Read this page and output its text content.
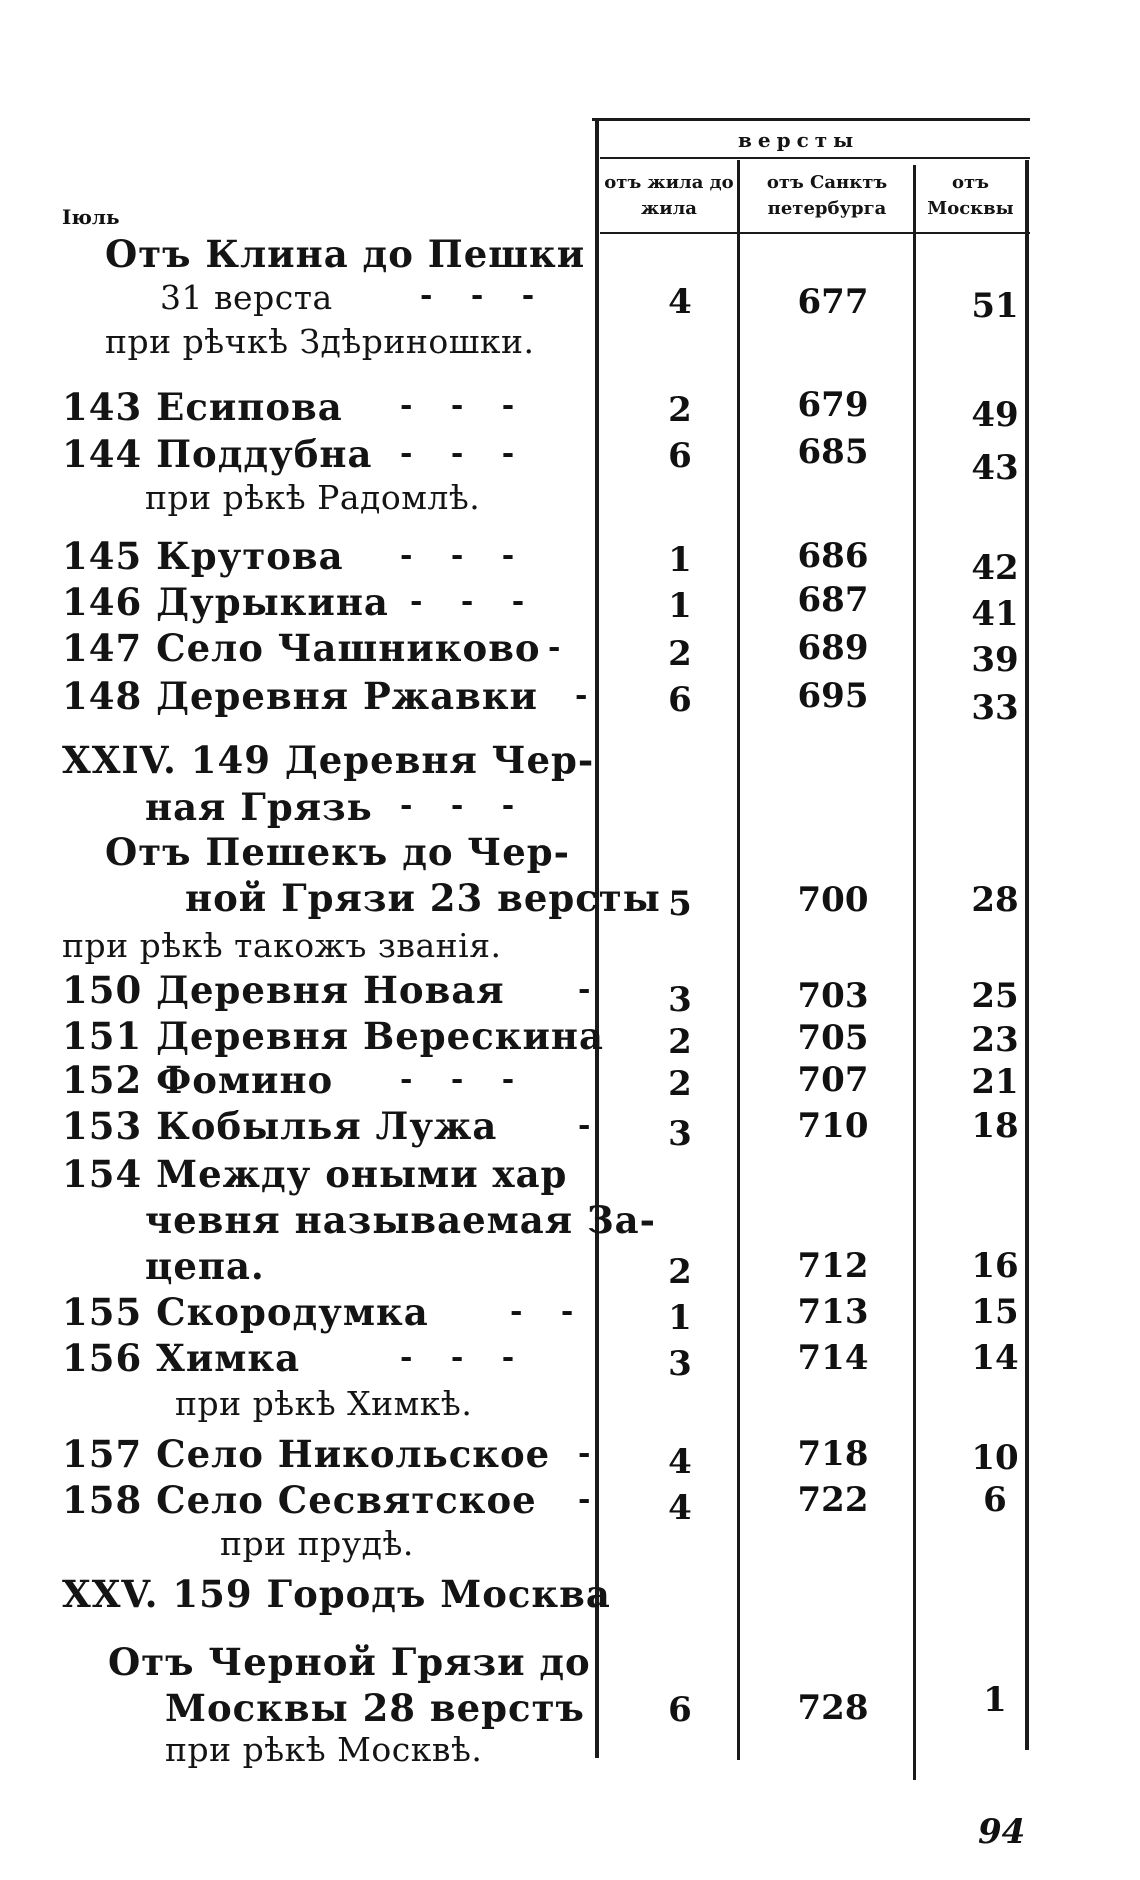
версты
отъ жила до жила
отъ Санктъ петербурга
отъ Москвы
Іюль
Отъ Клина до Пешки
31 верста	- - -	4	677	51
при рѣчкѣ Здѣриношки.
143 Есипова - - -	2	679	49
144 Поддубна - - -	6	685	43
при рѣкѣ Радомлѣ.
145 Крутова - - -	1	686	42
146 Дурыкина - - -	1	687	41
147 Село Чашниково -	2	689	39
148 Деревня Ржавки -	6	695	33
XXIV. 149 Деревня Чер-
ная Грязь - - -
Отъ Пешекъ до Чер-
ной Грязи 23 версты 5	700	28
при рѣкѣ такожъ званія.
150 Деревня Новая -	3	703	25
151 Деревня Верескина	2	705	23
152 Фомино - - -	2	707	21
153 Кобылья Лужа	-	3	710	18
154 Между оными хар
чевня называемая За-
цепа.	2	712	16
155 Скородумка	- -	1	713	15
156 Химка	- - -	3	714	14
при рѣкѣ Химкѣ.
157 Село Никольское -	4	718	10
158 Село Сесвятское -	4	722	6
при прудѣ.
XXV. 159 Городъ Москва
Отъ Черной Грязи до
Москвы 28 верстъ	6	728	1
при рѣкѣ Москвѣ.
94
